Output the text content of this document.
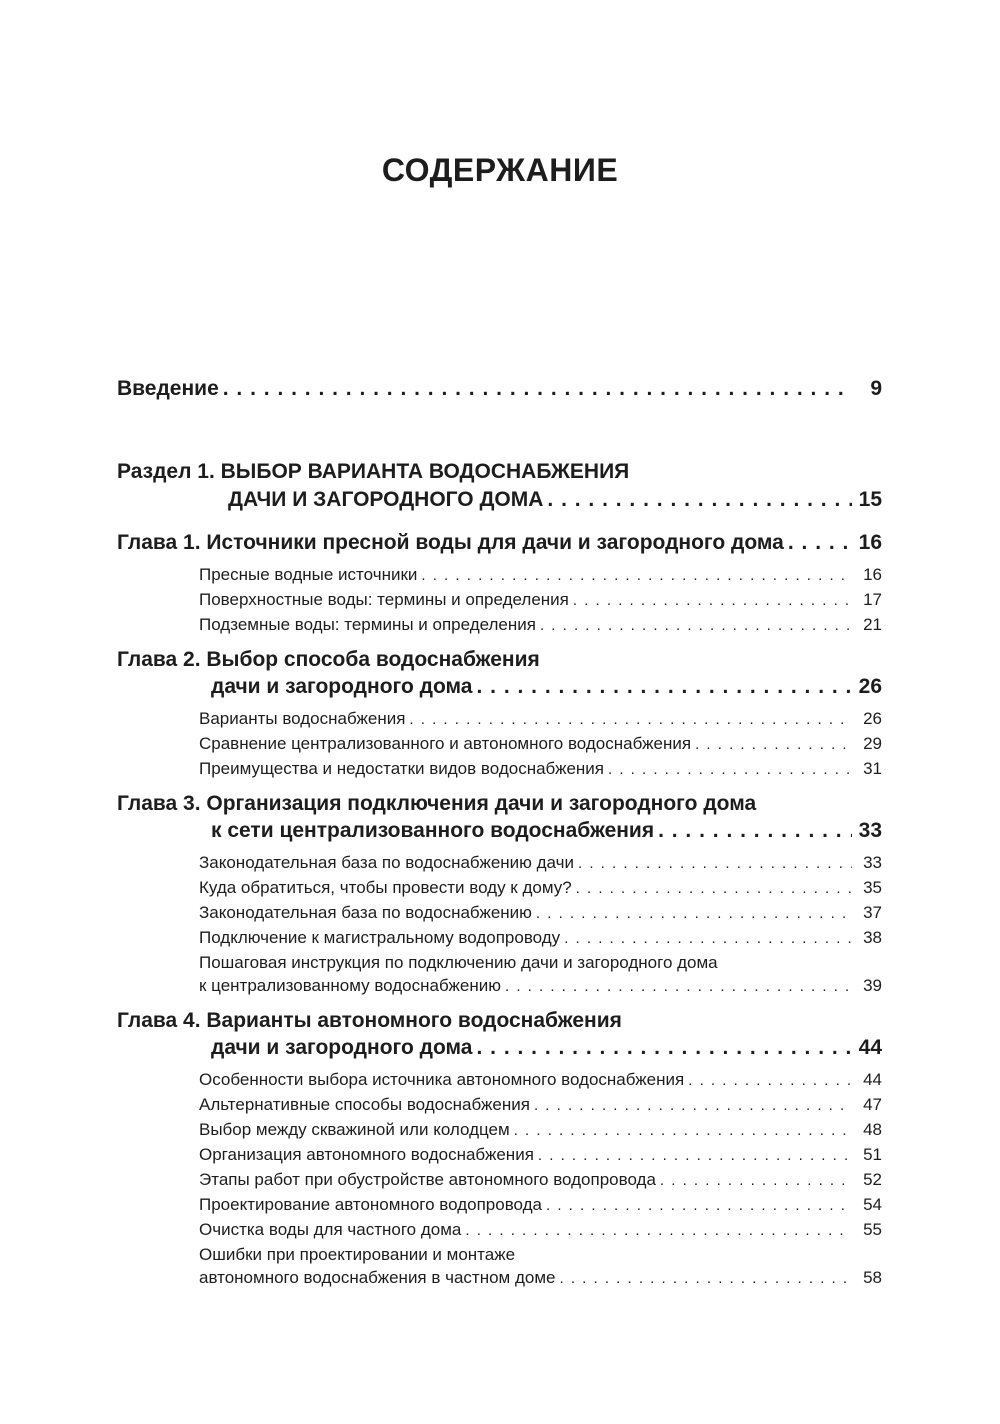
СОДЕРЖАНИЕ
Введение . . .	9
Раздел 1. ВЫБОР ВАРИАНТА ВОДОСНАБЖЕНИЯ
ДАЧИ И ЗАГОРОДНОГО ДОМА . . .	15
Глава 1. Источники пресной воды для дачи и загородного дома . . .	16
Пресные водные источники . . .	16
Поверхностные воды: термины и определения . . .	17
Подземные воды: термины и определения . . .	21
Глава 2. Выбор способа водоснабжения
дачи и загородного дома . . .	26
Варианты водоснабжения . . .	26
Сравнение централизованного и автономного водоснабжения . . .	29
Преимущества и недостатки видов водоснабжения . . .	31
Глава 3. Организация подключения дачи и загородного дома
к сети централизованного водоснабжения . . .	33
Законодательная база по водоснабжению дачи . . .	33
Куда обратиться, чтобы провести воду к дому? . . .	35
Законодательная база по водоснабжению . . .	37
Подключение к магистральному водопроводу . . .	38
Пошаговая инструкция по подключению дачи и загородного дома
к централизованному водоснабжению . . .	39
Глава 4. Варианты автономного водоснабжения
дачи и загородного дома . . .	44
Особенности выбора источника автономного водоснабжения . . .	44
Альтернативные способы водоснабжения . . .	47
Выбор между скважиной или колодцем . . .	48
Организация автономного водоснабжения . . .	51
Этапы работ при обустройстве автономного водопровода . . .	52
Проектирование автономного водопровода . . .	54
Очистка воды для частного дома . . .	55
Ошибки при проектировании и монтаже
автономного водоснабжения в частном доме . . .	58
